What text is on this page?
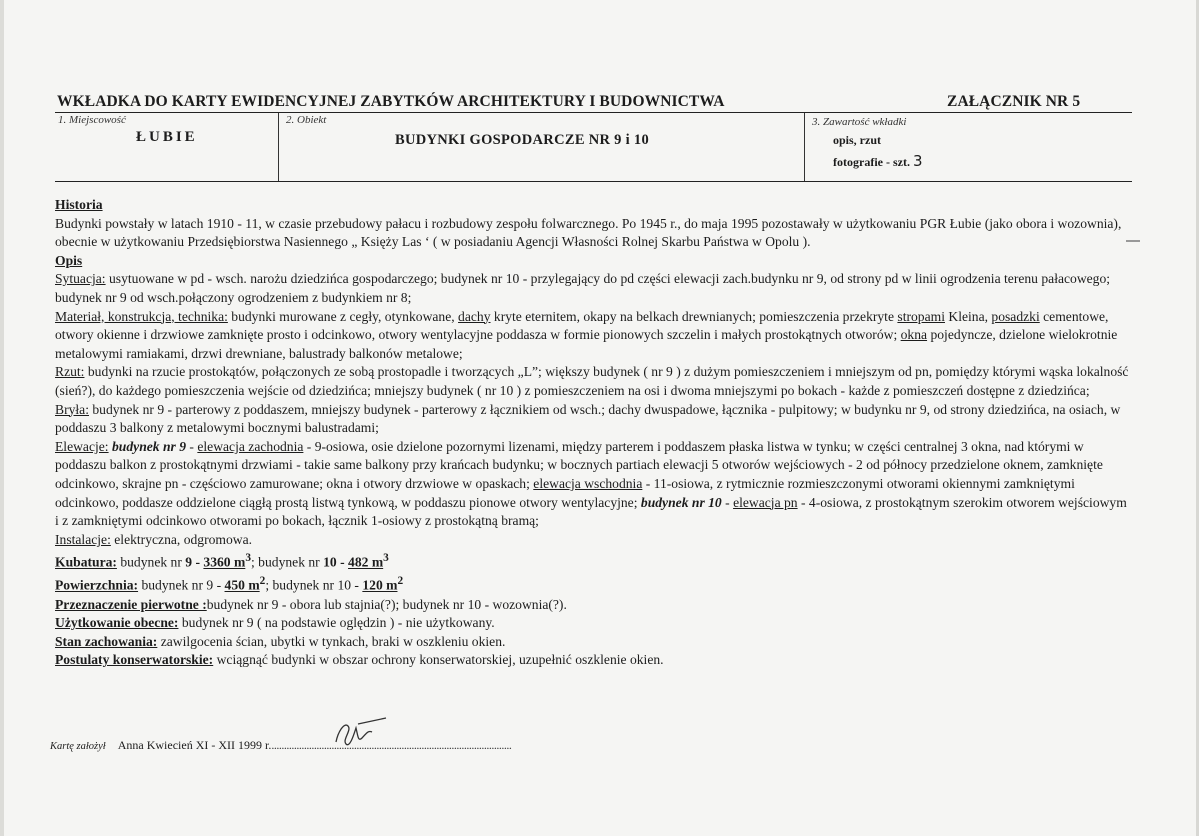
WKŁADKA DO KARTY EWIDENCYJNEJ ZABYTKÓW ARCHITEKTURY I BUDOWNICTWA	ZAŁĄCZNIK NR 5
1. Miejscowość
ŁUBIE
2. Obiekt
BUDYNKI GOSPODARCZE NR 9 i 10
3. Zawartość wkładki
opis, rzut
fotografie - szt. 3

Historia

Budynki powstały w latach 1910 - 11, w czasie przebudowy pałacu i rozbudowy zespołu folwarcznego. Po 1945 r., do maja 1995 pozostawały w użytkowaniu PGR Łubie (jako obora i wozownia), obecnie w użytkowaniu Przedsiębiorstwa Nasiennego „ Księży Las ‘ ( w posiadaniu Agencji Własności Rolnej Skarbu Państwa w Opolu ).

Opis

Sytuacja: usytuowane w pd - wsch. narożu dziedzińca gospodarczego; budynek nr 10 - przylegający do pd części elewacji zach.budynku nr 9, od strony pd w linii ogrodzenia terenu pałacowego; budynek nr 9 od wsch.połączony ogrodzeniem z budynkiem nr 8;

Materiał, konstrukcja, technika: budynki murowane z cegły, otynkowane, dachy kryte eternitem, okapy na belkach drewnianych; pomieszczenia przekryte stropami Kleina, posadzki cementowe, otwory okienne i drzwiowe zamknięte prosto i odcinkowo, otwory wentylacyjne poddasza w formie pionowych szczelin i małych prostokątnych otworów; okna pojedyncze, dzielone wielokrotnie metalowymi ramiakami, drzwi drewniane, balustrady balkonów metalowe;

Rzut: budynki na rzucie prostokątów, połączonych ze sobą prostopadle i tworzących „L”; większy budynek ( nr 9 ) z dużym pomieszczeniem i mniejszym od pn, pomiędzy którymi wąska lokalność (sień?), do każdego pomieszczenia wejście od dziedzińca; mniejszy budynek ( nr 10 ) z pomieszczeniem na osi i dwoma mniejszymi po bokach - każde z pomieszczeń dostępne z dziedzińca;

Bryła: budynek nr 9 - parterowy z poddaszem, mniejszy budynek - parterowy z łącznikiem od wsch.; dachy dwuspadowe, łącznika - pulpitowy; w budynku nr 9, od strony dziedzińca, na osiach, w poddaszu 3 balkony z metalowymi bocznymi balustradami;

Elewacje: budynek nr 9 - elewacja zachodnia - 9-osiowa, osie dzielone pozornymi lizenami, między parterem i poddaszem płaska listwa w tynku; w części centralnej 3 okna, nad którymi w poddaszu balkon z prostokątnymi drzwiami - takie same balkony przy krańcach budynku; w bocznych partiach elewacji 5 otworów wejściowych - 2 od północy przedzielone oknem, zamknięte odcinkowo, skrajne pn - częściowo zamurowane; okna i otwory drzwiowe w opaskach; elewacja wschodnia - 11-osiowa, z rytmicznie rozmieszczonymi otworami okiennymi zamkniętymi odcinkowo, poddasze oddzielone ciągłą prostą listwą tynkową, w poddaszu pionowe otwory wentylacyjne; budynek nr 10 - elewacja pn - 4-osiowa, z prostokątnym szerokim otworem wejściowym i z zamkniętymi odcinkowo otworami po bokach, łącznik 1-osiowy z prostokątną bramą;

Instalacje: elektryczna, odgromowa.

Kubatura: budynek nr 9 - 3360 $m^3$; budynek nr 10 - 482 $m^3$

Powierzchnia: budynek nr 9 - 450 $m^2$; budynek nr 10 - 120 $m^2$

Przeznaczenie pierwotne :budynek nr 9 - obora lub stajnia(?); budynek nr 10 - wozownia(?).

Użytkowanie obecne: budynek nr 9 ( na podstawie oględzin ) - nie użytkowany.

Stan zachowania: zawilgocenia ścian, ubytki w tynkach, braki w oszkleniu okien.

Postulaty konserwatorskie: wciągnąć budynki w obszar ochrony konserwatorskiej, uzupełnić oszklenie okien.

Kartę założył Anna Kwiecień XI - XII 1999 r.................................................................................................
